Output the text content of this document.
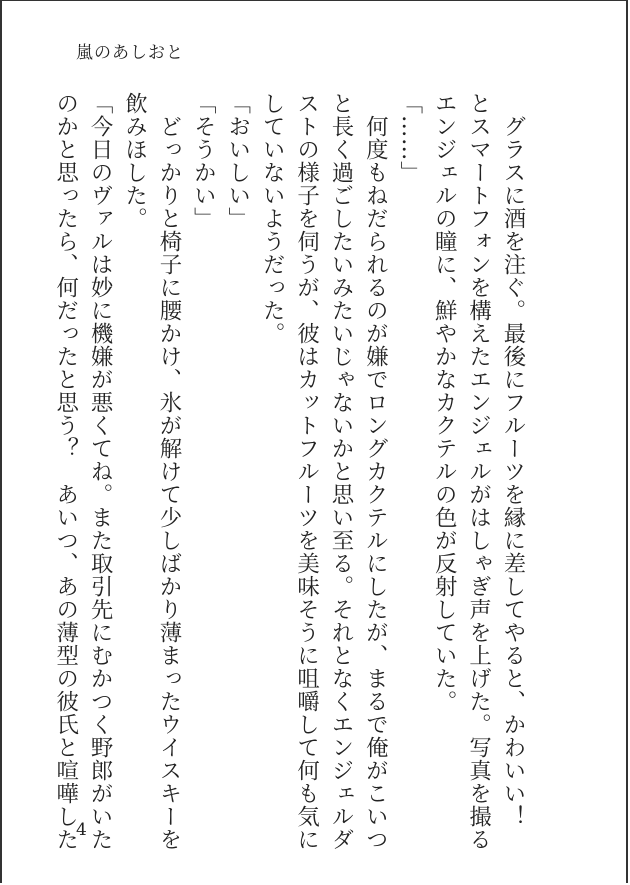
嵐のあしおと
　グラスに酒を注ぐ。最後にフルーツを縁に差してやると、かわいい！
とスマートフォンを構えたエンジェルがはしゃぎ声を上げた。写真を撮る
エンジェルの瞳に、鮮やかなカクテルの色が反射していた。
「……」
　何度もねだられるのが嫌でロングカクテルにしたが、まるで俺がこいつ
と長く過ごしたいみたいじゃないかと思い至る。それとなくエンジェルダ
ストの様子を伺うが、彼はカットフルーツを美味そうに咀嚼して何も気に
していないようだった。
「おいしい」
「そうかい」
　どっかりと椅子に腰かけ、氷が解けて少しばかり薄まったウイスキーを
飲みほした。
「今日のヴァルは妙に機嫌が悪くてね。また取引先にむかつく野郎がいた
のかと思ったら、何だったと思う？　あいつ、あの薄型の彼氏と喧嘩した
4
